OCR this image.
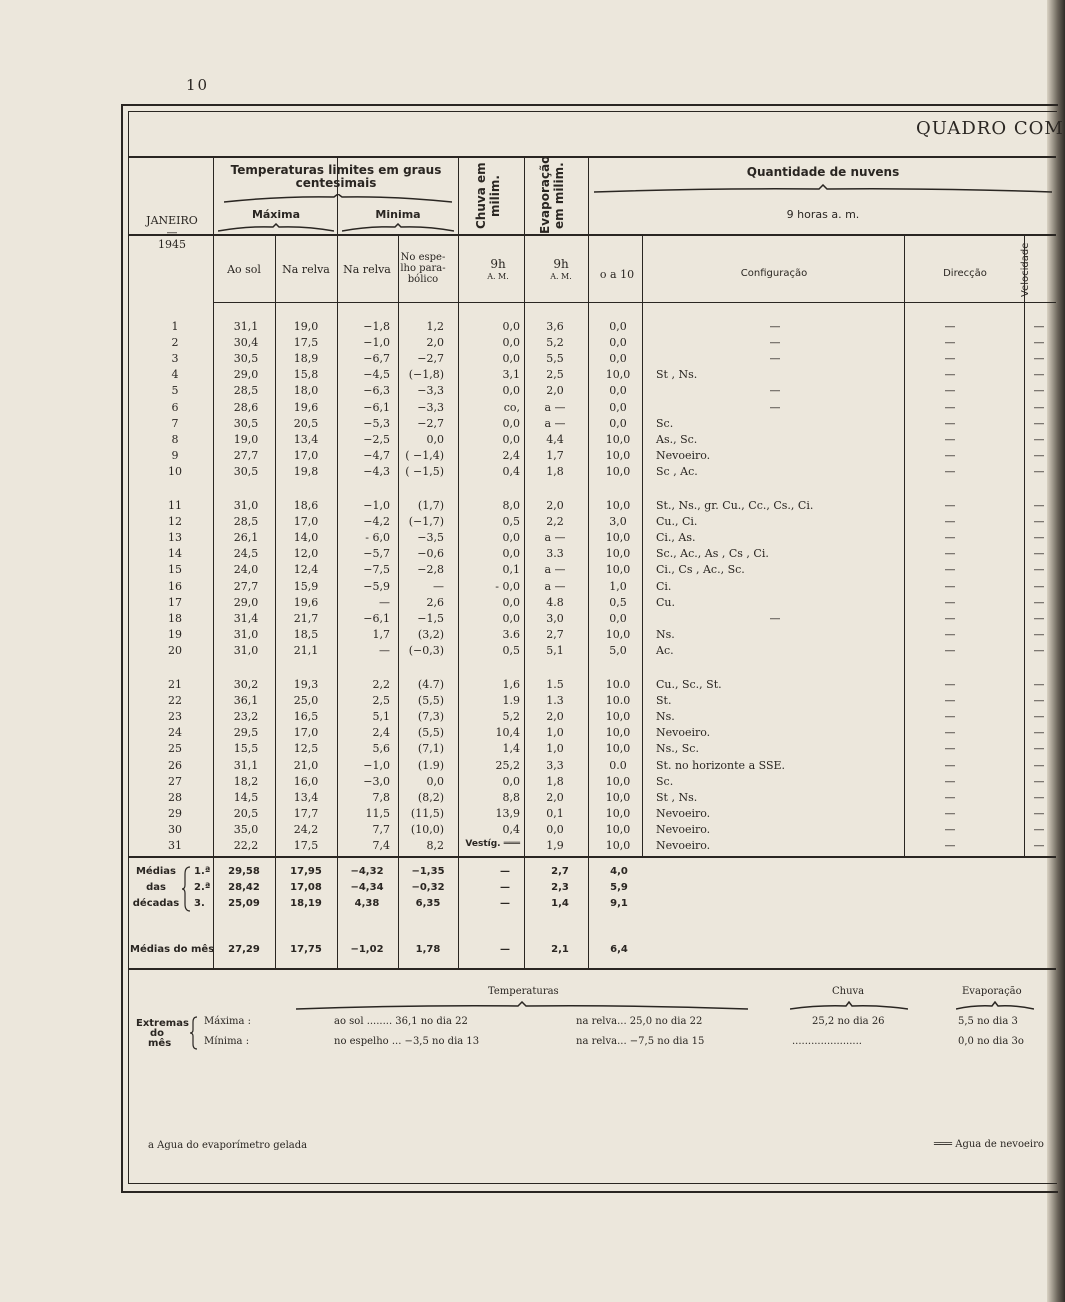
10
QUADRO COM
JANEIRO
—
1945
Temperaturas limites em graus centesimais
Máxima	Minima
Ao sol	Na relva	Na relva
No espe- lho para- bólico
Chuva em milim.	Evaporação em milim.
9h
A. M.
9h
A. M.
Quantidade de nuvens
9 horas a. m.
o a 10	Configuração	Direcção	Velocidade
1	31,1	19,0	−1,8	1,2	0,0	3,6	0,0	—	—	—
2	30,4	17,5	−1,0	2,0	0,0	5,2	0,0	—	—	—
3	30,5	18,9	−6,7	−2,7	0,0	5,5	0,0	—	—	—
4	29,0	15,8	−4,5	(−1,8)	3,1	2,5	10,0	St , Ns.	—	—
5	28,5	18,0	−6,3	−3,3	0,0	2,0	0,0	—	—	—
6	28,6	19,6	−6,1	−3,3	co,	a —	0,0	—	—	—
7	30,5	20,5	−5,3	−2,7	0,0	a —	0,0	Sc.	—	—
8	19,0	13,4	−2,5	0,0	0,0	4,4	10,0	As., Sc.	—	—
9	27,7	17,0	−4,7	( −1,4)	2,4	1,7	10,0	Nevoeiro.	—	—
10	30,5	19,8	−4,3	( −1,5)	0,4	1,8	10,0	Sc , Ac.	—	—
11	31,0	18,6	−1,0	(1,7)	8,0	2,0	10,0	St., Ns., gr. Cu., Cc., Cs., Ci.	—	—
12	28,5	17,0	−4,2	(−1,7)	0,5	2,2	3,0	Cu., Ci.	—	—
13	26,1	14,0	- 6,0	−3,5	0,0	a —	10,0	Ci., As.	—	—
14	24,5	12,0	−5,7	−0,6	0,0	3.3	10,0	Sc., Ac., As , Cs , Ci.	—	—
15	24,0	12,4	−7,5	−2,8	0,1	a —	10,0	Ci., Cs , Ac., Sc.	—	—
16	27,7	15,9	−5,9	—	- 0,0	a —	1,0	Ci.	—	—
17	29,0	19,6	—	2,6	0,0	4.8	0,5	Cu.	—	—
18	31,4	21,7	−6,1	−1,5	0,0	3,0	0,0	—	—	—
19	31,0	18,5	1,7	(3,2)	3.6	2,7	10,0	Ns.	—	—
20	31,0	21,1	—	(−0,3)	0,5	5,1	5,0	Ac.	—	—
21	30,2	19,3	2,2	(4.7)	1,6	1.5	10.0	Cu., Sc., St.	—	—
22	36,1	25,0	2,5	(5,5)	1.9	1.3	10.0	St.	—	—
23	23,2	16,5	5,1	(7,3)	5,2	2,0	10,0	Ns.	—	—
24	29,5	17,0	2,4	(5,5)	10,4	1,0	10,0	Nevoeiro.	—	—
25	15,5	12,5	5,6	(7,1)	1,4	1,0	10,0	Ns., Sc.	—	—
26	31,1	21,0	−1,0	(1.9)	25,2	3,3	0.0	St. no horizonte a SSE.	—	—
27	18,2	16,0	−3,0	0,0	0,0	1,8	10,0	Sc.	—	—
28	14,5	13,4	7,8	(8,2)	8,8	2,0	10,0	St , Ns.	—	—
29	20,5	17,7	11,5	(11,5)	13,9	0,1	10,0	Nevoeiro.	—	—
30	35,0	24,2	7,7	(10,0)	0,4	0,0	10,0	Nevoeiro.	—	—
31	22,2	17,5	7,4	8,2	Vestíg. ═══	1,9	10,0	Nevoeiro.	—	—
Médias
das
décadas
1.ª	29,58	17,95	−4,32	−1,35	—	2,7	4,0
2.ª	28,42	17,08	−4,34	−0,32	—	2,3	5,9
3.	25,09	18,19	4,38	6,35	—	1,4	9,1
Médias do mês	27,29	17,75	−1,02	1,78	—	2,1	6,4
Temperaturas	Chuva	Evaporação
Extremas
do
mês
Máxima :
Mínima :
ao sol ........ 36,1 no dia 22	na relva... 25,0 no dia 22	25,2 no dia 26	5,5 no dia 3
no espelho ... −3,5 no dia 13	na relva... −7,5 no dia 15	......................	0,0 no dia 3o
a Agua do evaporímetro gelada	═══ Agua de nevoeiro
